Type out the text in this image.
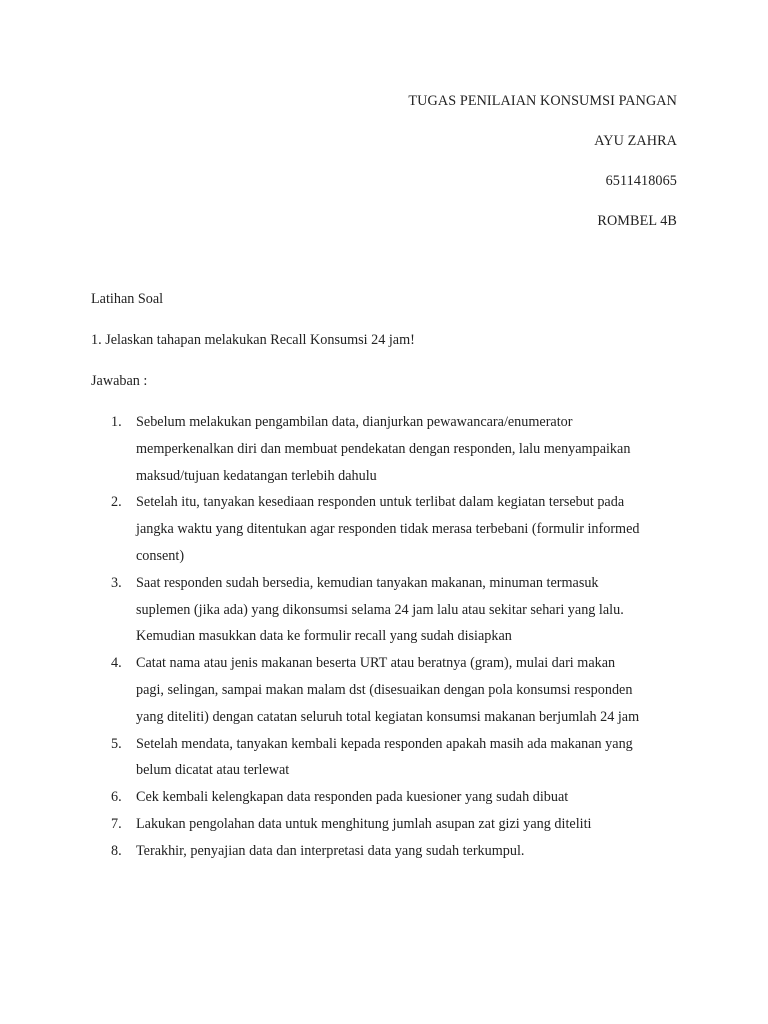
TUGAS PENILAIAN KONSUMSI PANGAN
AYU ZAHRA
6511418065
ROMBEL 4B
Latihan Soal
1. Jelaskan tahapan melakukan Recall Konsumsi 24 jam!
Jawaban :
1. Sebelum melakukan pengambilan data, dianjurkan pewawancara/enumerator
memperkenalkan diri dan membuat pendekatan dengan responden, lalu menyampaikan
maksud/tujuan kedatangan terlebih dahulu
2. Setelah itu, tanyakan kesediaan responden untuk terlibat dalam kegiatan tersebut pada
jangka waktu yang ditentukan agar responden tidak merasa terbebani (formulir informed
consent)
3. Saat responden sudah bersedia, kemudian tanyakan makanan, minuman termasuk
suplemen (jika ada) yang dikonsumsi selama 24 jam lalu atau sekitar sehari yang lalu.
Kemudian masukkan data ke formulir recall yang sudah disiapkan
4. Catat nama atau jenis makanan beserta URT atau beratnya (gram), mulai dari makan
pagi, selingan, sampai makan malam dst (disesuaikan dengan pola konsumsi responden
yang diteliti) dengan catatan seluruh total kegiatan konsumsi makanan berjumlah 24 jam
5. Setelah mendata, tanyakan kembali kepada responden apakah masih ada makanan yang
belum dicatat atau terlewat
6. Cek kembali kelengkapan data responden pada kuesioner yang sudah dibuat
7. Lakukan pengolahan data untuk menghitung jumlah asupan zat gizi yang diteliti
8. Terakhir, penyajian data dan interpretasi data yang sudah terkumpul.
